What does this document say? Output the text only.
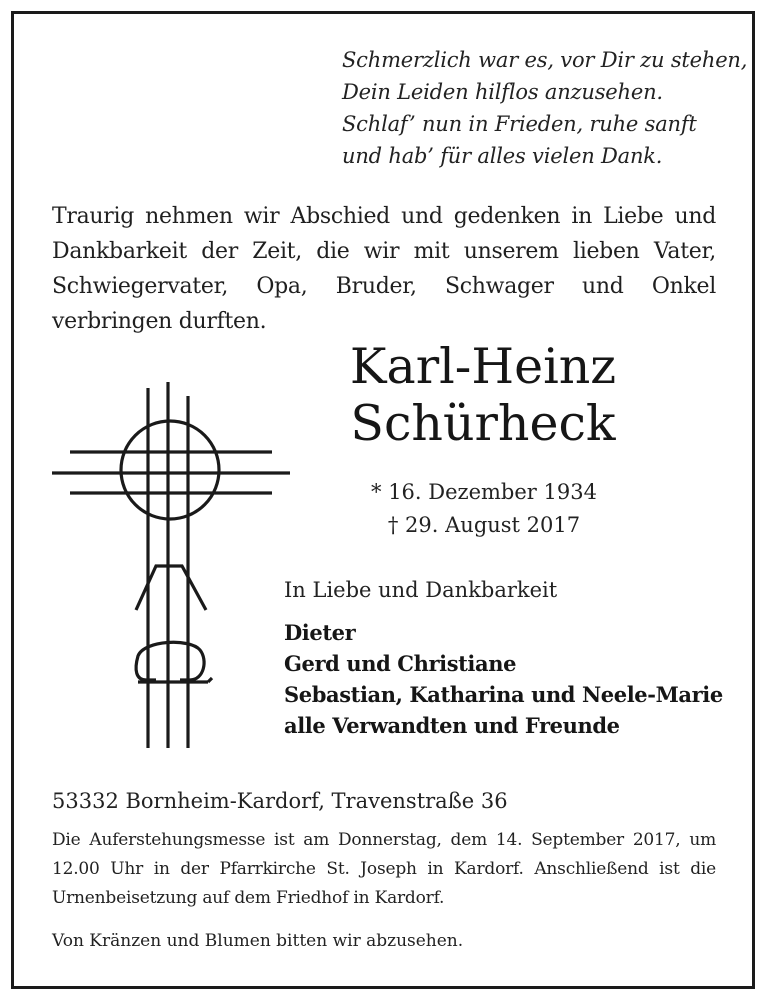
Schmerzlich war es, vor Dir zu stehen,
Dein Leiden hilflos anzusehen.
Schlaf’ nun in Frieden, ruhe sanft
und hab’ für alles vielen Dank.
Traurig nehmen wir Abschied und gedenken in Liebe und Dankbarkeit der Zeit, die wir mit unserem lieben Vater, Schwiegervater, Opa, Bruder, Schwager und Onkel verbringen durften.
Karl-Heinz
Schürheck
* 16. Dezember 1934
† 29. August 2017
In Liebe und Dankbarkeit
Dieter
Gerd und Christiane
Sebastian, Katharina und Neele-Marie
alle Verwandten und Freunde
53332 Bornheim-Kardorf, Travenstraße 36
Die Auferstehungsmesse ist am Donnerstag, dem 14. September 2017, um 12.00 Uhr in der Pfarrkirche St. Joseph in Kardorf. Anschließend ist die Urnenbeisetzung auf dem Friedhof in Kardorf.
Von Kränzen und Blumen bitten wir abzusehen.
